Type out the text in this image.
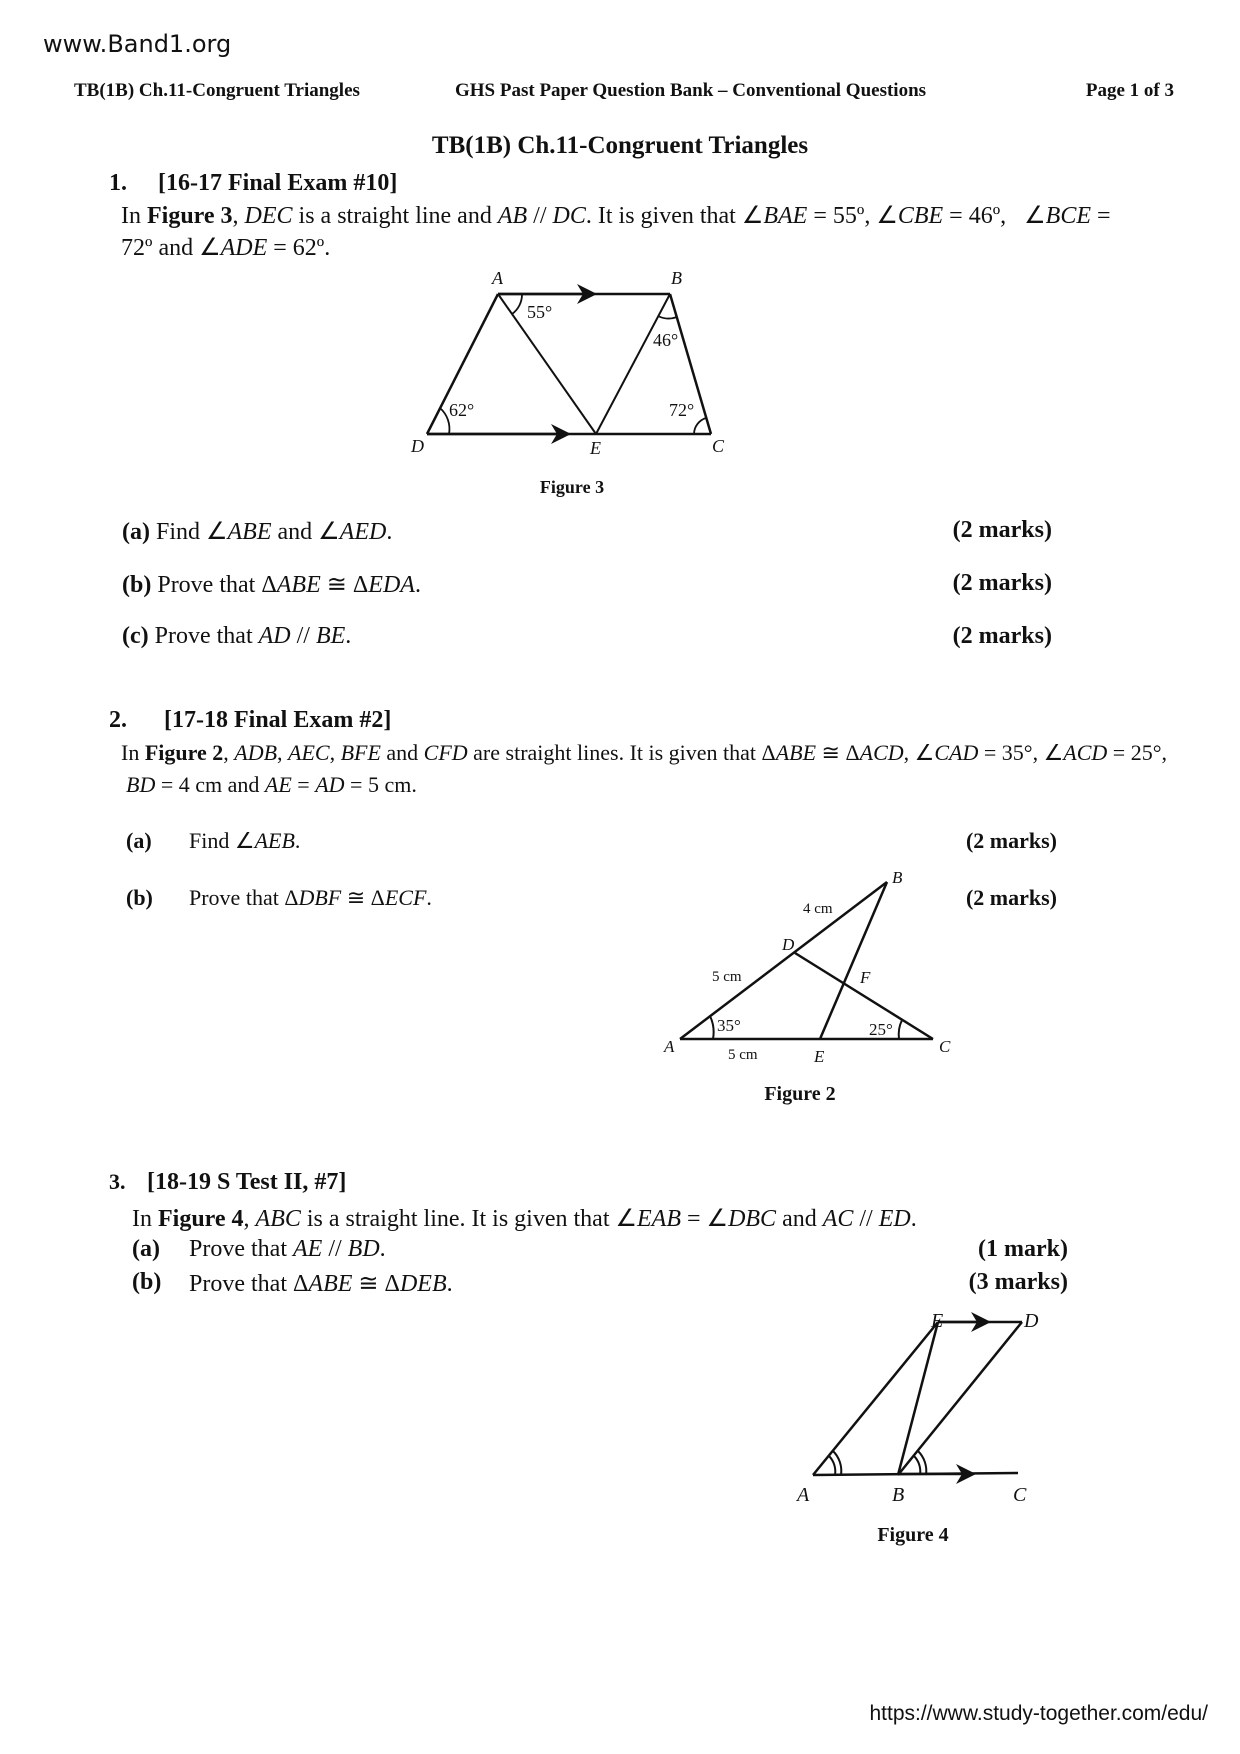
www.Band1.org
TB(1B) Ch.11-Congruent Triangles	GHS Past Paper Question Bank – Conventional Questions	Page 1 of 3
TB(1B) Ch.11-Congruent Triangles
1. [16-17 Final Exam #10]
In Figure 3, DEC is a straight line and AB // DC. It is given that ∠BAE = 55º, ∠CBE = 46º,   ∠BCE =
72º and ∠ADE = 62º.
A	B
C
D	E
55°
46°
72°
62°
Figure 3
A
B
C
D
E
F
4 cm
5 cm
5 cm
35°	25°
Figure 2
A	B	C
D
E
Figure 4
(a) Find ∠ABE and ∠AED.	(2 marks)
(b) Prove that ΔABE ≅ ΔEDA.	(2 marks)
(c) Prove that AD // BE.	(2 marks)
2. [17-18 Final Exam #2]
In Figure 2, ADB, AEC, BFE and CFD are straight lines. It is given that ΔABE ≅ ΔACD, ∠CAD = 35°, ∠ACD = 25°,
BD = 4 cm and AE = AD = 5 cm.
(a) Find ∠AEB.	(2 marks)
(b) Prove that ΔDBF ≅ ΔECF.	(2 marks)
3. [18-19 S Test II, #7]
In Figure 4, ABC is a straight line. It is given that ∠EAB = ∠DBC and AC // ED.
(a) Prove that AE // BD.	(1 mark)
(b) Prove that ΔABE ≅ ΔDEB.	(3 marks)
https://www.study-together.com/edu/
